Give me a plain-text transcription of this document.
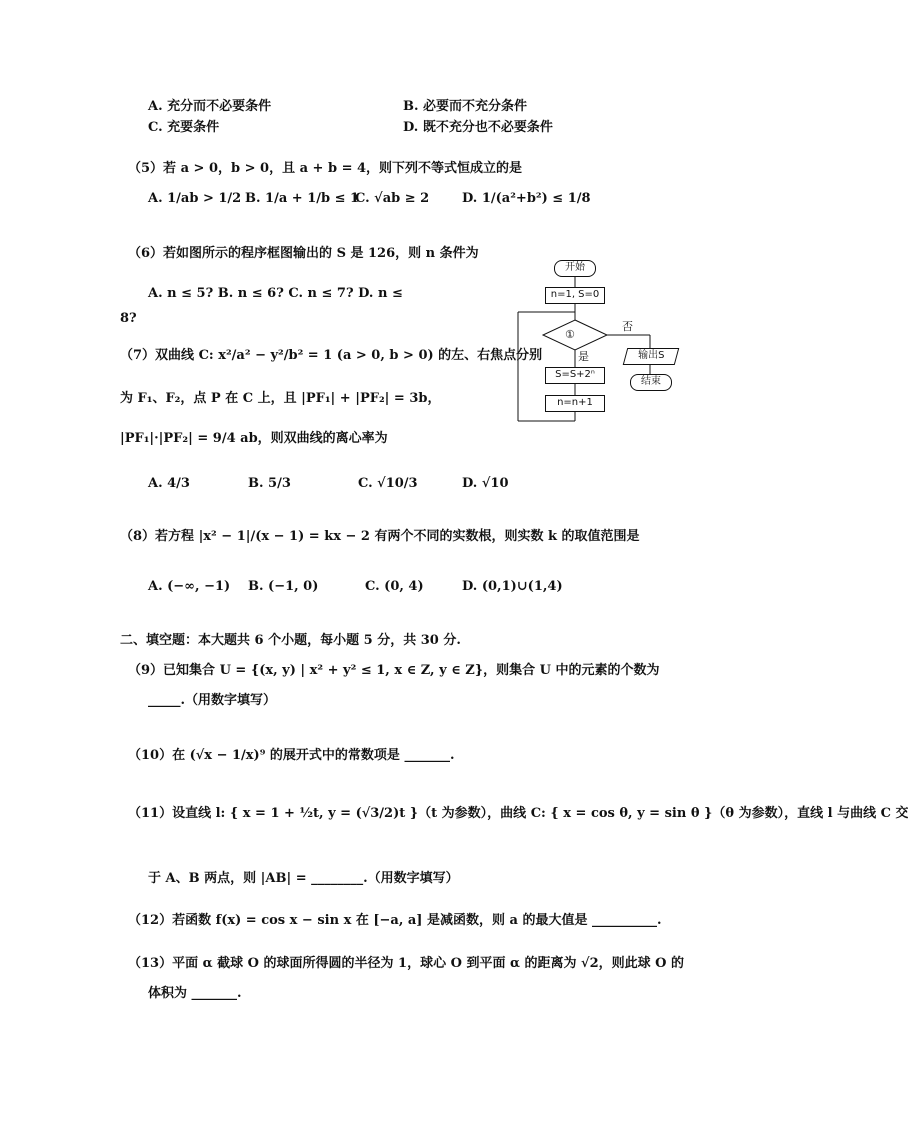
A. 充分而不必要条件	B. 必要而不充分条件
C. 充要条件	D. 既不充分也不必要条件
（5）若 a > 0，b > 0，且 a + b = 4，则下列不等式恒成立的是
A. 1/ab > 1/2 B. 1/a + 1/b ≤ 1
C. √ab ≥ 2	D. 1/(a²+b²) ≤ 1/8
（6）若如图所示的程序框图输出的 S 是 126，则 n 条件为
A. n ≤ 5? B. n ≤ 6? C. n ≤ 7? D. n ≤
8?
开始
n=1, S=0
①
否
是	输出S
结束
S=S+2ⁿ
n=n+1
（7）双曲线 C: x²/a² − y²/b² = 1 (a > 0, b > 0) 的左、右焦点分别
为 F₁、F₂，点 P 在 C 上，且 |PF₁| + |PF₂| = 3b，
|PF₁|·|PF₂| = 9/4 ab，则双曲线的离心率为
A. 4/3	B. 5/3	C. √10/3	D. √10
（8）若方程 |x² − 1|/(x − 1) = kx − 2 有两个不同的实数根，则实数 k 的取值范围是
A. (−∞, −1) B. (−1, 0)	C. (0, 4)	D. (0,1)∪(1,4)
二、填空题：本大题共 6 个小题，每小题 5 分，共 30 分.
（9）已知集合 U = {(x, y) | x² + y² ≤ 1, x ∈ Z, y ∈ Z}，则集合 U 中的元素的个数为
_____.（用数字填写）
（10）在 (√x − 1/x)⁹ 的展开式中的常数项是 _______.
（11）设直线 l: { x = 1 + ½t, y = (√3/2)t }（t 为参数），曲线 C: { x = cos θ, y = sin θ }（θ 为参数），直线 l 与曲线 C 交
于 A、B 两点，则 |AB| = ________.（用数字填写）
（12）若函数 f(x) = cos x − sin x 在 [−a, a] 是减函数，则 a 的最大值是 __________.
（13）平面 α 截球 O 的球面所得圆的半径为 1，球心 O 到平面 α 的距离为 √2，则此球 O 的
体积为 _______.
